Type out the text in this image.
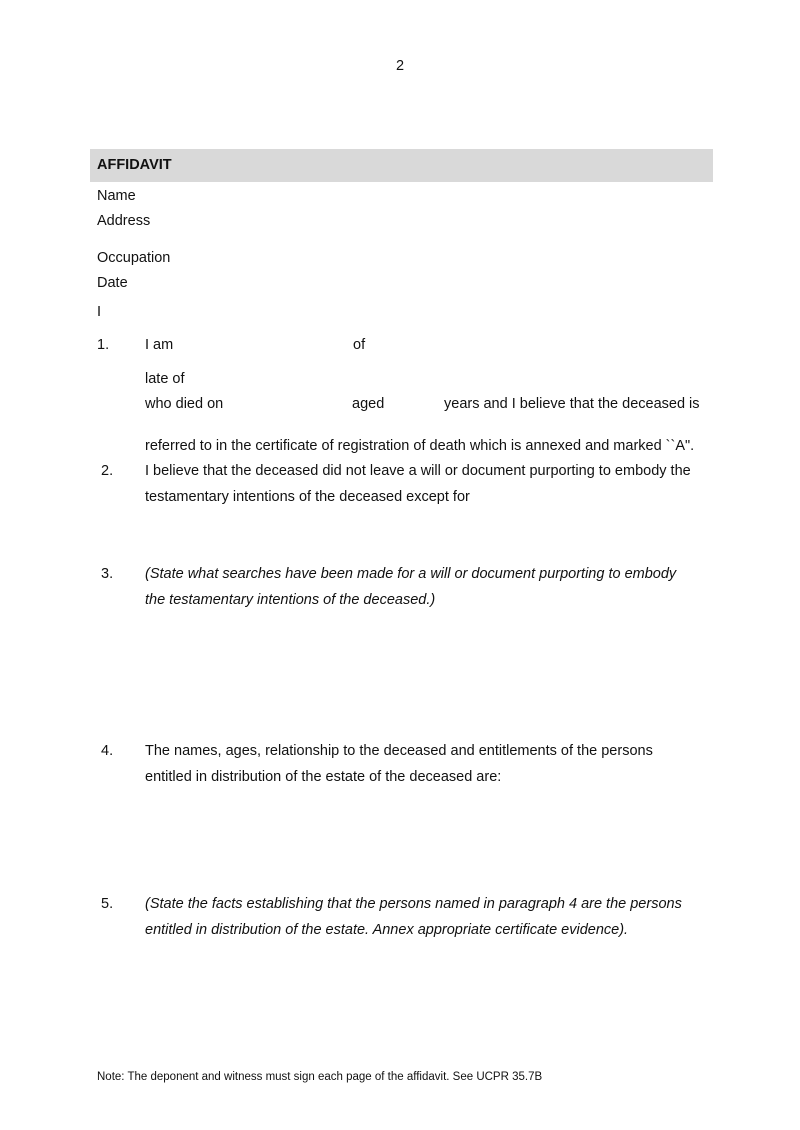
2
AFFIDAVIT
Name
Address
Occupation
Date
I
1. I am	of
late of
who died on	aged	years and I believe that the deceased is
referred to in the certificate of registration of death which is annexed and marked ``A".
2. I believe that the deceased did not leave a will or document purporting to embody the
testamentary intentions of the deceased except for
3. (State what searches have been made for a will or document purporting to embody
the testamentary intentions of the deceased.)
4. The names, ages, relationship to the deceased and entitlements of the persons
entitled in distribution of the estate of the deceased are:
5. (State the facts establishing that the persons named in paragraph 4 are the persons
entitled in distribution of the estate. Annex appropriate certificate evidence).
Note: The deponent and witness must sign each page of the affidavit. See UCPR 35.7B
